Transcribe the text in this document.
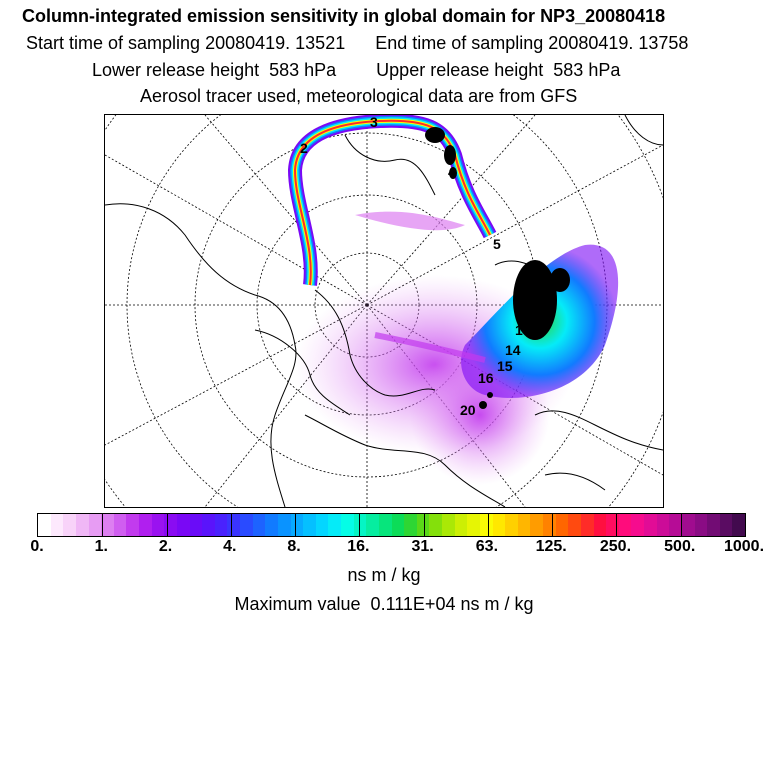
Column-integrated emission sensitivity in global domain for NP3_20080418
Start time of sampling 20080419. 13521      End time of sampling 20080419. 13758
Lower release height  583 hPa        Upper release height  583 hPa
Aerosol tracer used, meteorological data are from GFS
2
3
4
5
9
13
14
15
16
20
0.	1.	2.	4.	8.	16.	31.	63. 125. 250. 500. 1000.
ns m / kg
Maximum value  0.111E+04 ns m / kg
